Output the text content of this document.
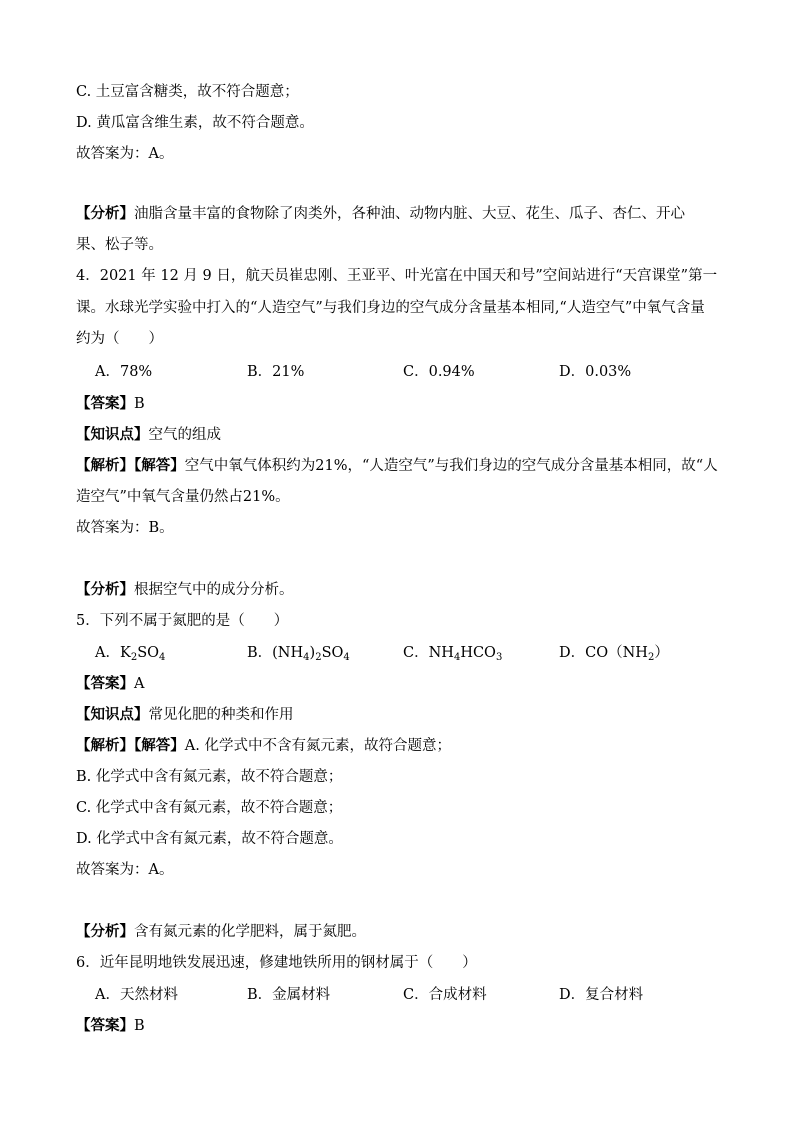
C. 土豆富含糖类，故不符合题意；
D. 黄瓜富含维生素，故不符合题意。
故答案为：A。
【分析】油脂含量丰富的食物除了肉类外，各种油、动物内脏、大豆、花生、瓜子、杏仁、开心
果、松子等。
4．2021 年 12 月 9 日，航天员崔忠刚、王亚平、叶光富在中国天和号”空间站进行“天宫课堂”第一
课。水球光学实验中打入的“人造空气”与我们身边的空气成分含量基本相同,“人造空气”中氧气含量
约为（　　）
A．78%	B．21%	C．0.94%	D．0.03%
【答案】B
【知识点】空气的组成
【解析】【解答】空气中氧气体积约为21%，“人造空气”与我们身边的空气成分含量基本相同，故“人
造空气”中氧气含量仍然占21%。
故答案为：B。
【分析】根据空气中的成分分析。
5．下列不属于氮肥的是（　　）
A．$K_2SO_4$	B．$(NH_4)_2SO_4$	C．$NH_4HCO_3$	D．$CO(NH_2)$
【答案】A
【知识点】常见化肥的种类和作用
【解析】【解答】A. 化学式中不含有氮元素，故符合题意；
B. 化学式中含有氮元素，故不符合题意；
C. 化学式中含有氮元素，故不符合题意；
D. 化学式中含有氮元素，故不符合题意。
故答案为：A。
【分析】含有氮元素的化学肥料，属于氮肥。
6．近年昆明地铁发展迅速，修建地铁所用的钢材属于（　　）
A．天然材料	B．金属材料	C．合成材料	D．复合材料
【答案】B
